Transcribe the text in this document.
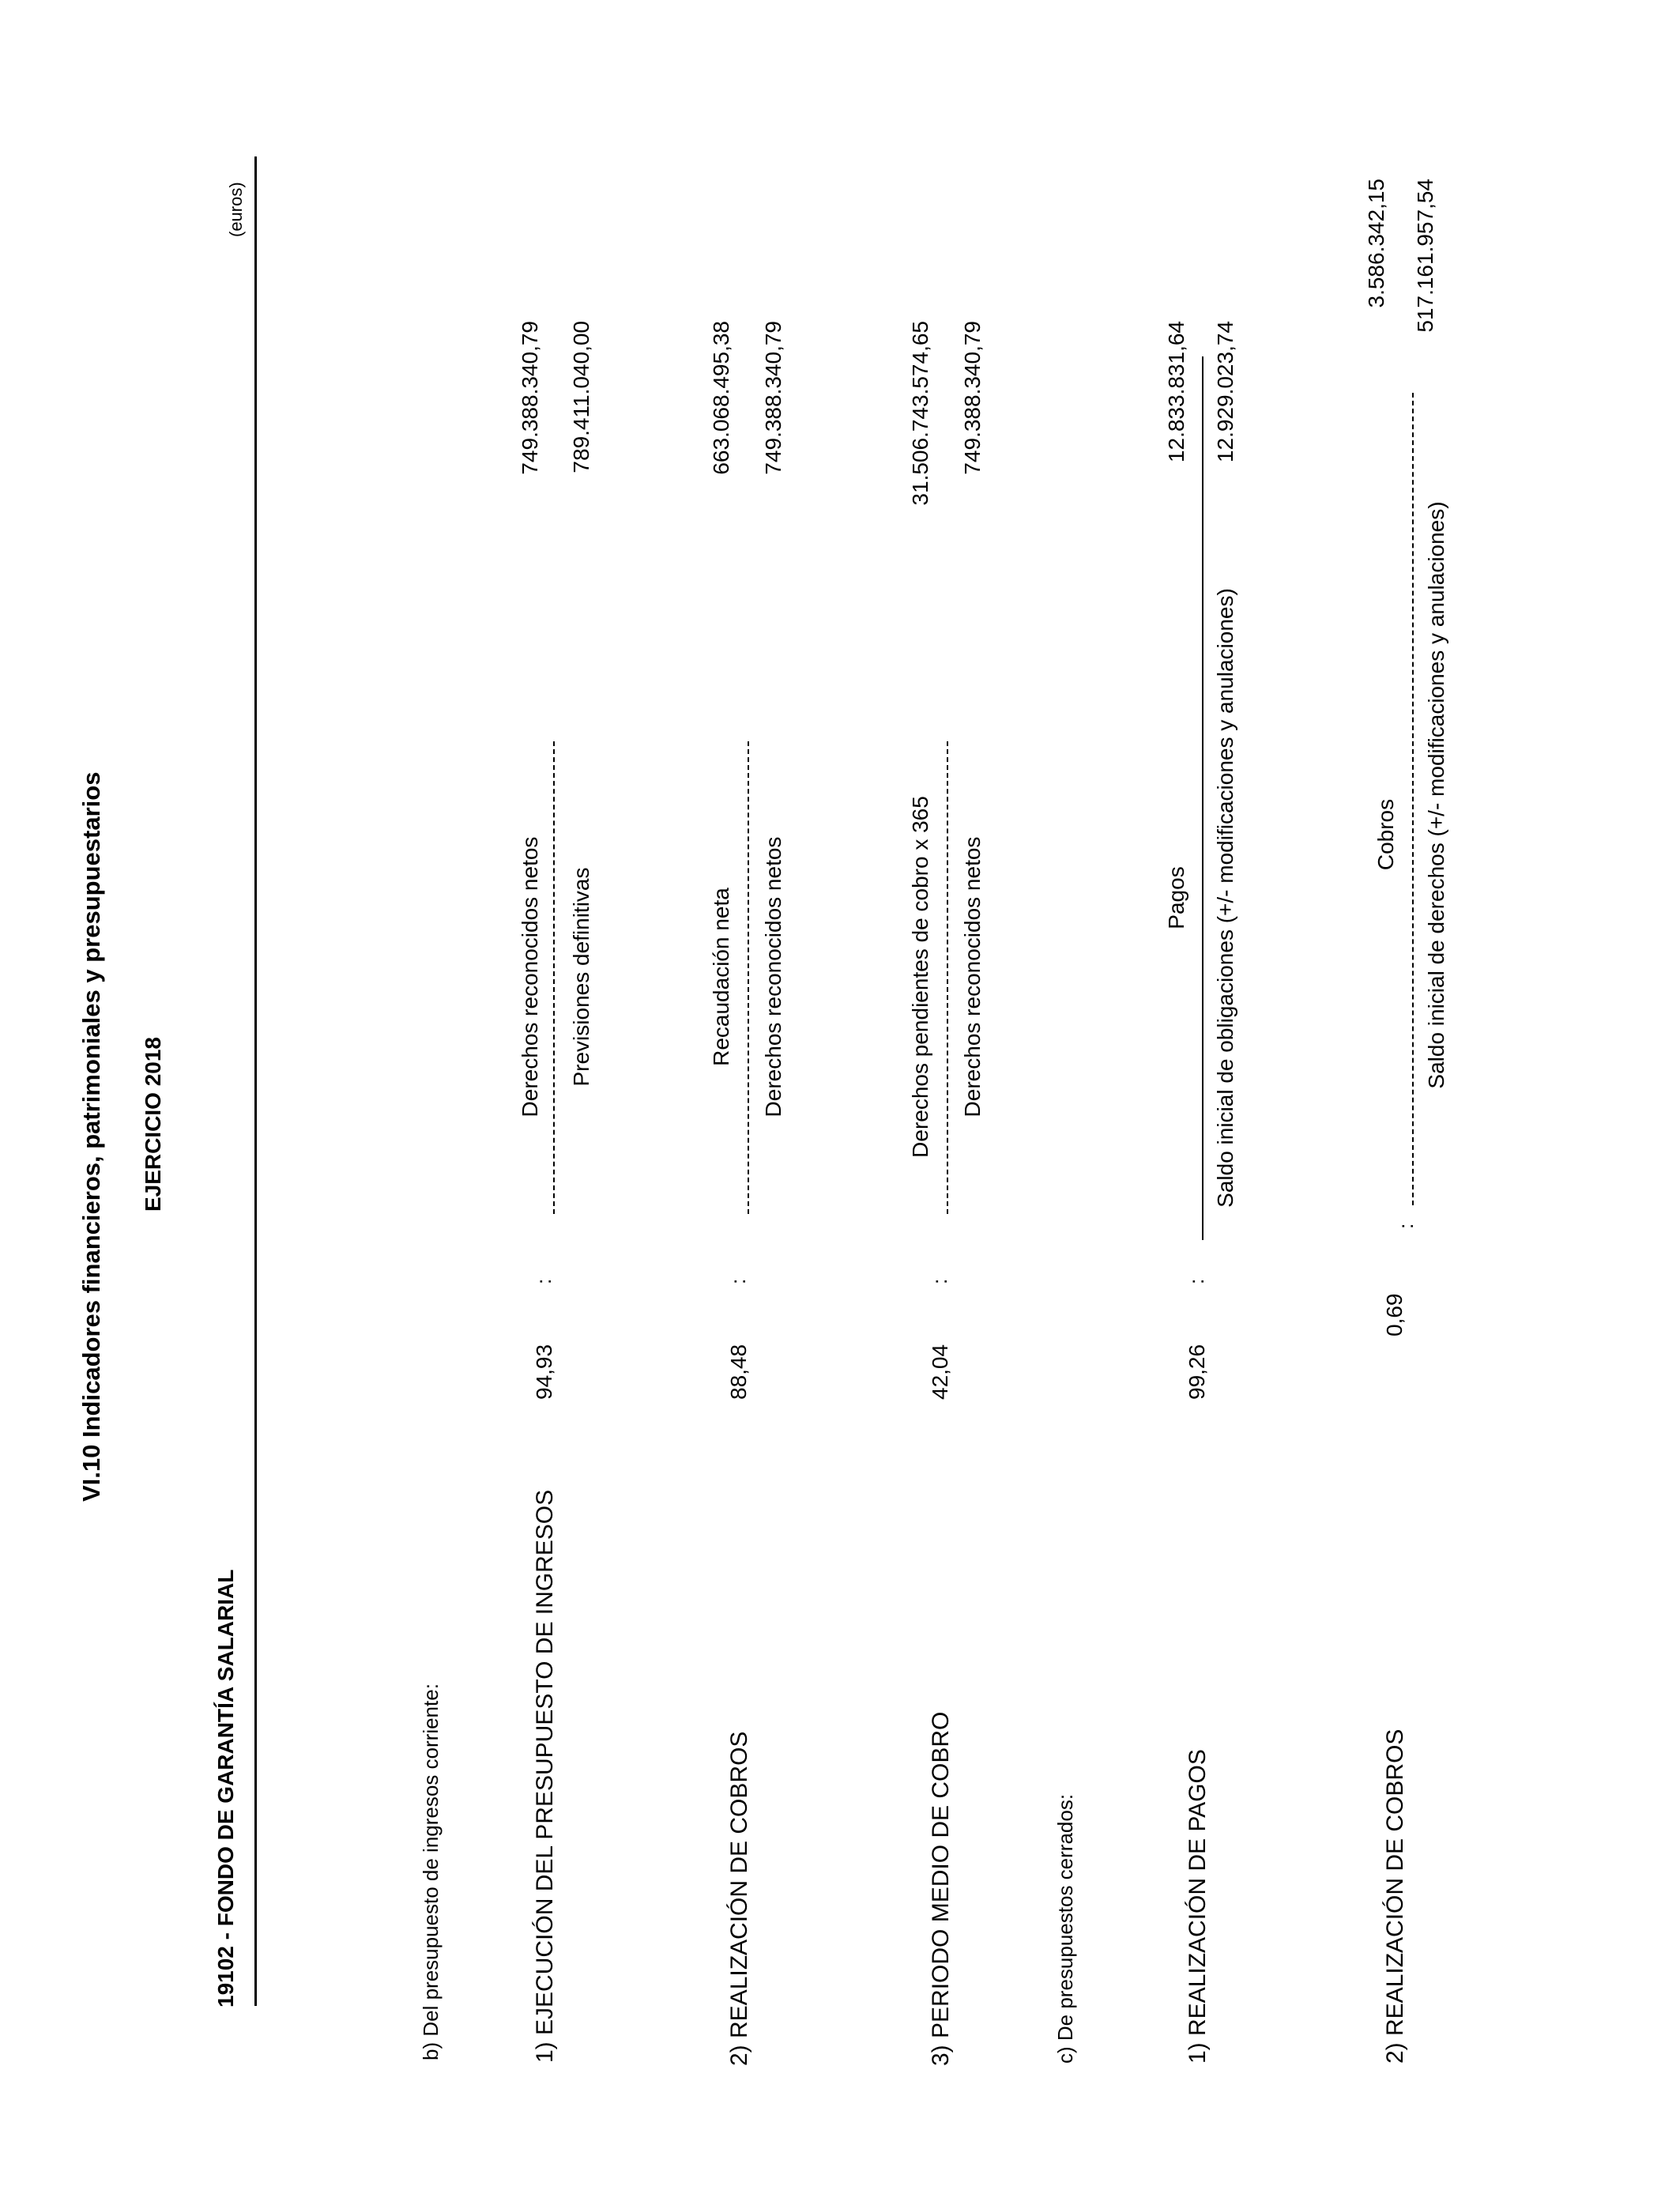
VI.10 Indicadores financieros, patrimoniales y presupuestarios EJERCICIO 2018
19102 - FONDO DE GARANTÍA SALARIAL
(euros)
b) Del presupuesto de ingresos corriente:	1) EJECUCIÓN DEL PRESUPUESTO DE INGRESOS
94,93
:
Derechos reconocidos netos Previsiones definitivas
749.388.340,79 789.411.040,00
2) REALIZACIÓN DE COBROS
88,48
:
Recaudación neta Derechos reconocidos netos
663.068.495,38 749.388.340,79
3) PERIODO MEDIO DE COBRO
42,04
:
Derechos pendientes de cobro x 365 Derechos reconocidos netos
31.506.743.574,65 749.388.340,79
c) De presupuestos cerrados:	1) REALIZACIÓN DE PAGOS
99,26
:
Pagos Saldo inicial de obligaciones (+/- modificaciones y anulaciones)
12.833.831,64 12.929.023,74
2) REALIZACIÓN DE COBROS
0,69
:
Cobros Saldo inicial de derechos (+/- modificaciones y anulaciones)
3.586.342,15 517.161.957,54
